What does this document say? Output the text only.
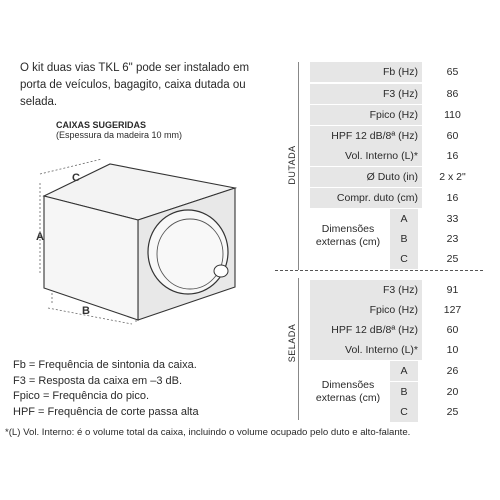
O kit duas vias TKL 6" pode ser instalado em porta de veículos, bagagito, caixa dutada ou selada.
CAIXAS SUGERIDAS
(Espessura da madeira 10 mm)
C
A
B
Fb = Frequência de sintonia da caixa.
F3 = Resposta da caixa em –3 dB.
Fpico = Frequência do pico.
HPF = Frequência de corte passa alta
*(L) Vol. Interno: é o volume total da caixa, incluindo o volume ocupado pelo duto e alto-falante.
DUTADA
SELADA
Fb (Hz)	65
F3 (Hz)	86
Fpico (Hz)	110
HPF 12 dB/8ª (Hz)	60
Vol. Interno (L)*	16
Ø Duto (in)	2 x 2"
Compr. duto (cm)	16
Dimensões externas (cm)
A	33
B	23
C	25
F3 (Hz)	91
Fpico (Hz)	127
HPF 12 dB/8ª (Hz)	60
Vol. Interno (L)*	10
Dimensões externas (cm)
A	26
B	20
C	25
